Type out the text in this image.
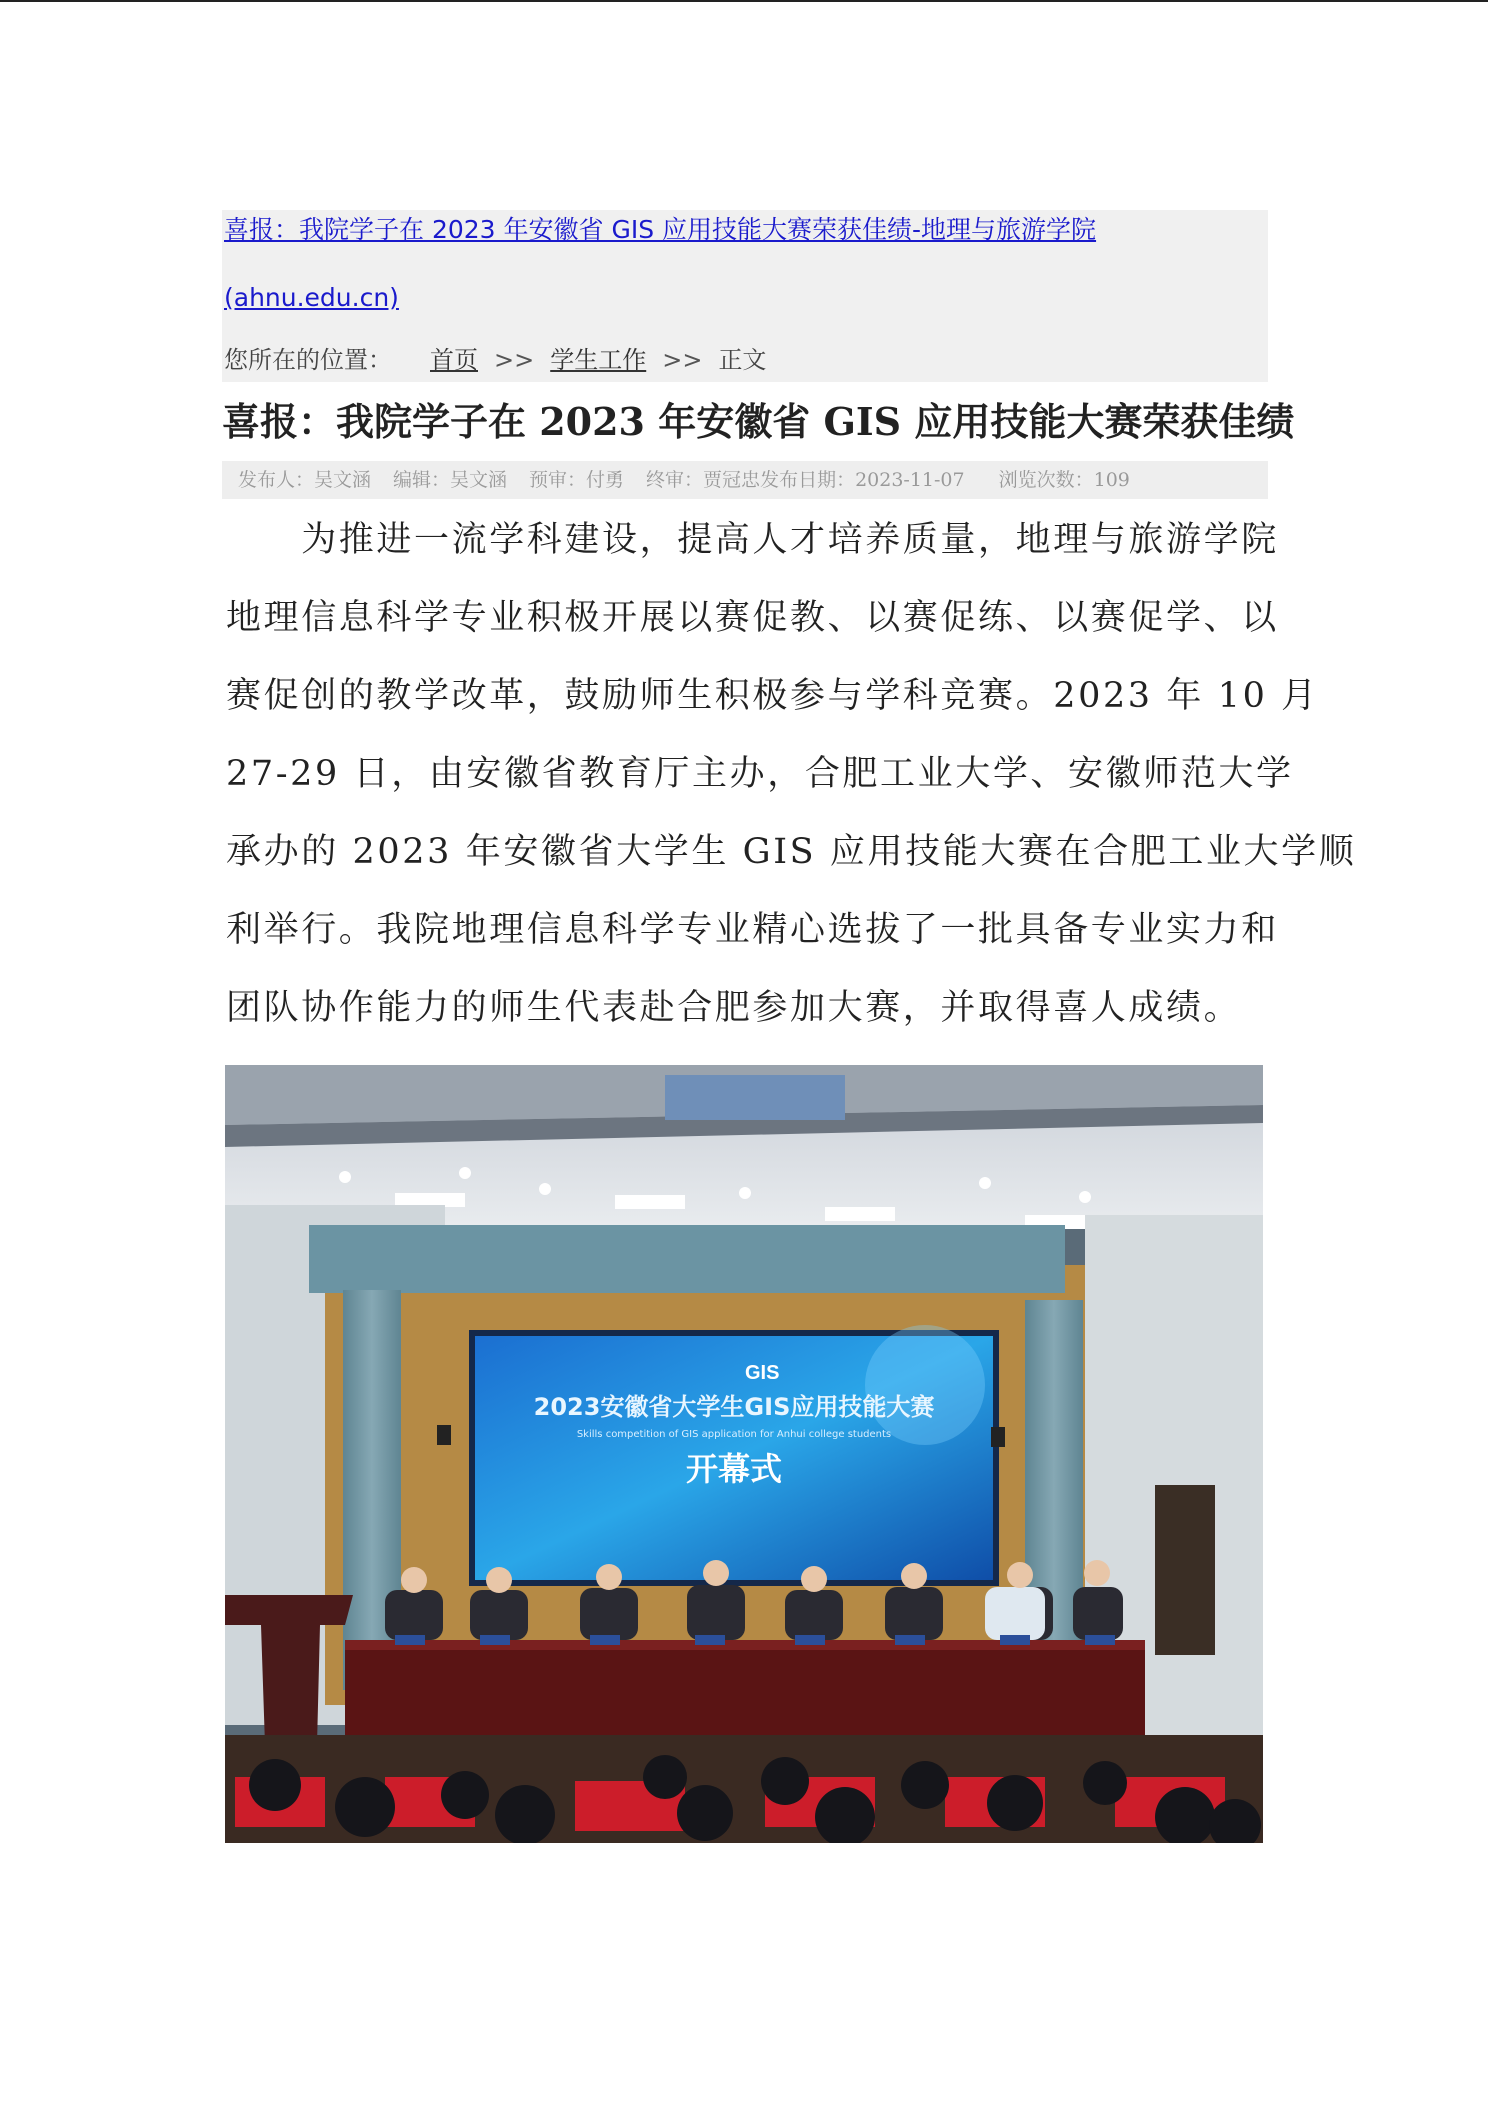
喜报：我院学子在 2023 年安徽省 GIS 应用技能大赛荣获佳绩-地理与旅游学院
(ahnu.edu.cn)
您所在的位置： 首页 >> 学生工作 >> 正文
喜报：我院学子在 2023 年安徽省 GIS 应用技能大赛荣获佳绩
发布人：吴文涵 编辑：吴文涵 预审：付勇 终审：贾冠忠发布日期：2023-11-07 浏览次数：109
　　为推进一流学科建设，提高人才培养质量，地理与旅游学院
地理信息科学专业积极开展以赛促教、以赛促练、以赛促学、以
赛促创的教学改革，鼓励师生积极参与学科竞赛。2023 年 10 月
27-29 日，由安徽省教育厅主办，合肥工业大学、安徽师范大学
承办的 2023 年安徽省大学生 GIS 应用技能大赛在合肥工业大学顺
利举行。我院地理信息科学专业精心选拔了一批具备专业实力和
团队协作能力的师生代表赴合肥参加大赛，并取得喜人成绩。
GIS
2023安徽省大学生GIS应用技能大赛
Skills competition of GIS application for Anhui college students
开幕式
